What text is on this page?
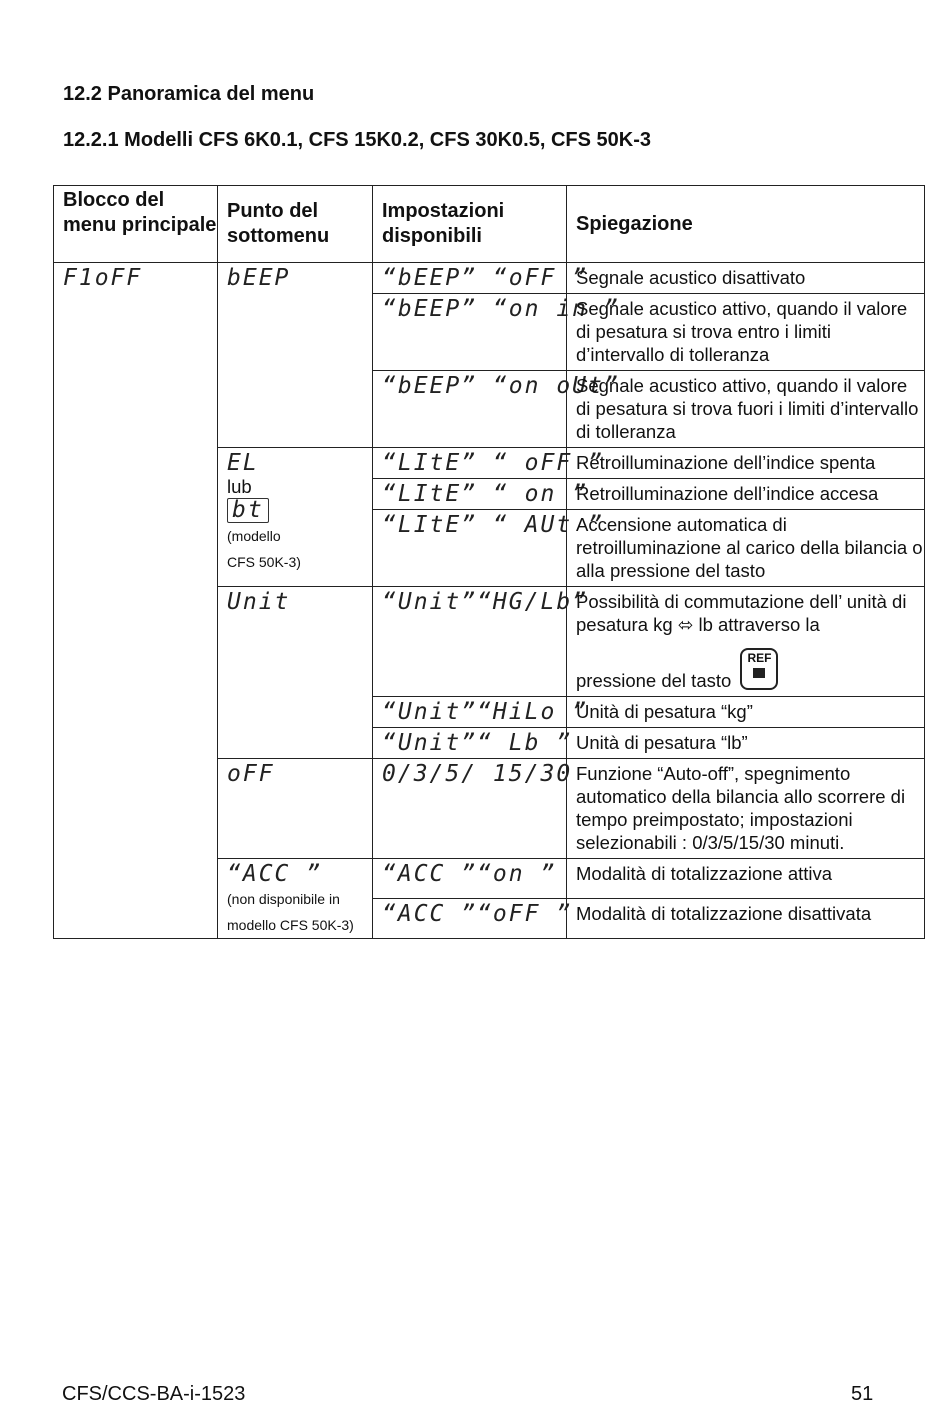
12.2 Panoramica del menu
12.2.1 Modelli CFS 6K0.1, CFS 15K0.2, CFS 30K0.5, CFS 50K-3
Blocco del menu principale	Punto del sottomenu	Impostazioni disponibili	Spiegazione
F1oFF	bEEP	“bEEP” “oFF ”	Segnale acustico disattivato
		“bEEP” “on in ”	Segnale acustico attivo, quando il valore di pesatura si trova entro i limiti d’intervallo di tolleranza
		“bEEP” “on oUt”	Segnale acustico attivo, quando il valore di pesatura si trova fuori i limiti d’intervallo di tolleranza
	EL
lub
bt
(modello
CFS 50K-3)	“LItE” “ oFF ”	Retroilluminazione dell’indice spenta
		“LItE” “ on ”	Retroilluminazione dell’indice accesa
		“LItE” “ AUt ”	Accensione automatica di retroilluminazione al carico della bilancia o alla pressione del tasto
	Unit	“Unit”“HG/Lb”	Possibilità di commutazione dell’ unità di pesatura kg ⬄ lb attraverso la

pressione del tasto REF

		“Unit”“HiLo ”	Unità di pesatura “kg”
		“Unit”“ Lb ”	Unità di pesatura “lb”
	oFF	0/3/5/ 15/30	Funzione “Auto-off”, spegnimento automatico della bilancia allo scorrere di tempo preimpostato; impostazioni selezionabili : 0/3/5/15/30 minuti.
	“ACC ”
(non disponibile in
modello CFS 50K-3)	“ACC ”“on ”	Modalità di totalizzazione attiva
		“ACC ”“oFF ”	Modalità di totalizzazione disattivata
CFS/CCS-BA-i-1523	51
